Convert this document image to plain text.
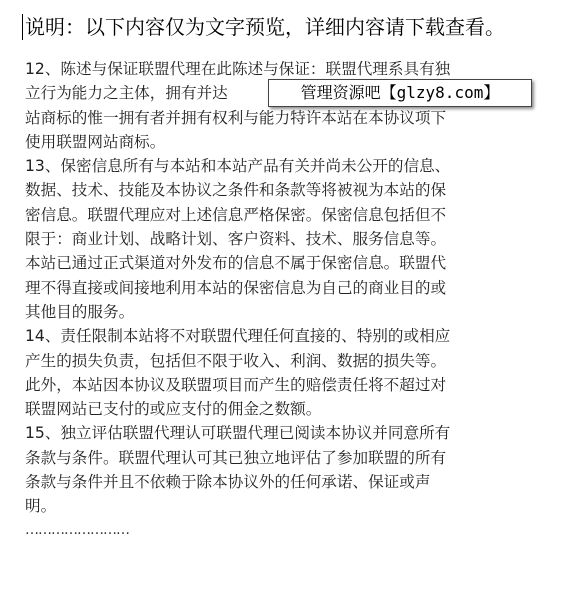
说明：以下内容仅为文字预览，详细内容请下载查看。
12、陈述与保证联盟代理在此陈述与保证：联盟代理系具有独
立行为能力之主体，拥有并达
站商标的惟一拥有者并拥有权利与能力特许本站在本协议项下
使用联盟网站商标。
13、保密信息所有与本站和本站产品有关并尚未公开的信息、
数据、技术、技能及本协议之条件和条款等将被视为本站的保
密信息。联盟代理应对上述信息严格保密。保密信息包括但不
限于：商业计划、战略计划、客户资料、技术、服务信息等。
本站已通过正式渠道对外发布的信息不属于保密信息。联盟代
理不得直接或间接地利用本站的保密信息为自己的商业目的或
其他目的服务。
14、责任限制本站将不对联盟代理任何直接的、特别的或相应
产生的损失负责，包括但不限于收入、利润、数据的损失等。
此外，本站因本协议及联盟项目而产生的赔偿责任将不超过对
联盟网站已支付的或应支付的佣金之数额。
15、独立评估联盟代理认可联盟代理已阅读本协议并同意所有
条款与条件。联盟代理认可其已独立地评估了参加联盟的所有
条款与条件并且不依赖于除本协议外的任何承诺、保证或声
明。
……………………
管理资源吧【glzy8.com】
